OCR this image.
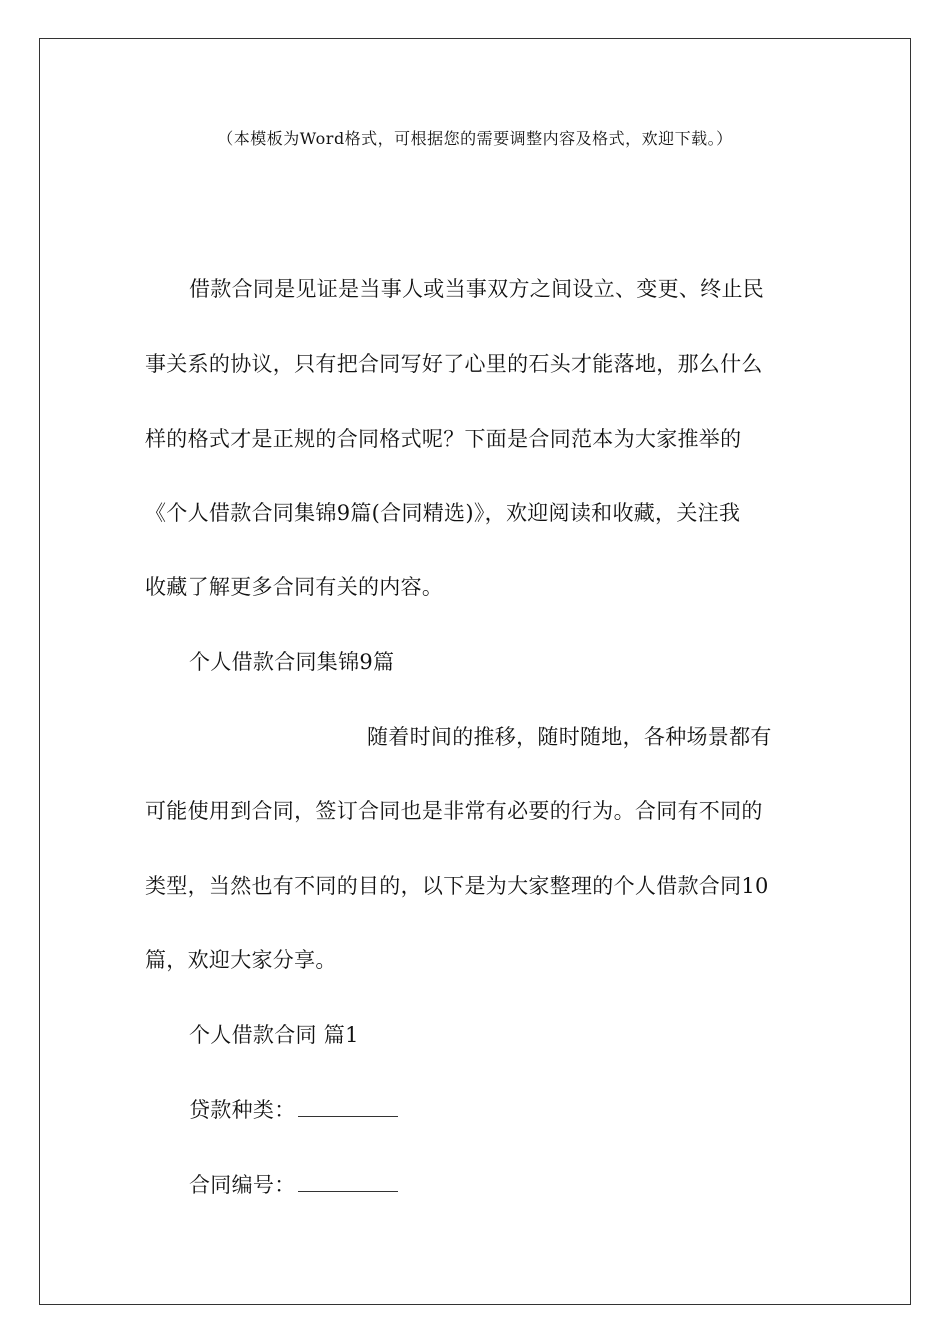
（本模板为Word格式，可根据您的需要调整内容及格式，欢迎下载。）
借款合同是见证是当事人或当事双方之间设立、变更、终止民
事关系的协议，只有把合同写好了心里的石头才能落地，那么什么
样的格式才是正规的合同格式呢？下面是合同范本为大家推举的
《个人借款合同集锦9篇(合同精选)》，欢迎阅读和收藏，关注我
收藏了解更多合同有关的内容。
个人借款合同集锦9篇
随着时间的推移，随时随地，各种场景都有
可能使用到合同，签订合同也是非常有必要的行为。合同有不同的
类型，当然也有不同的目的，以下是为大家整理的个人借款合同10
篇，欢迎大家分享。
个人借款合同 篇1
贷款种类：
合同编号：
